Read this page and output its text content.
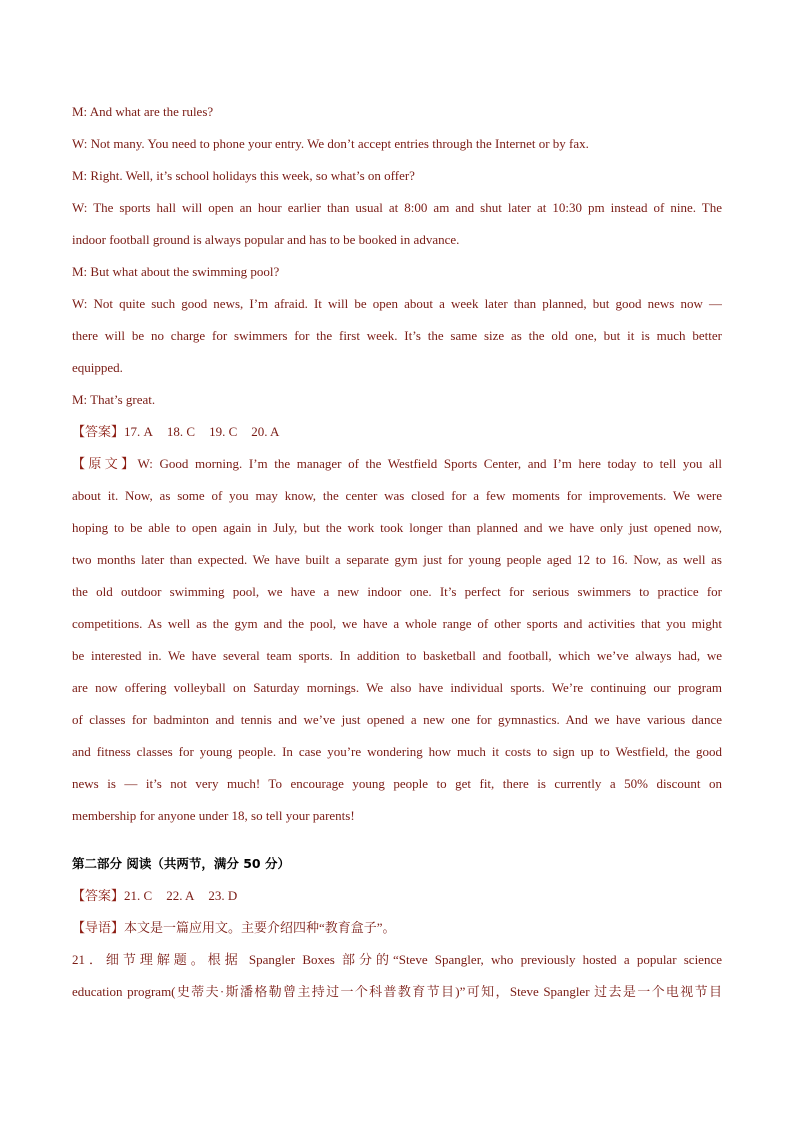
M: And what are the rules?
W: Not many. You need to phone your entry. We don’t accept entries through the Internet or by fax.
M: Right. Well, it’s school holidays this week, so what’s on offer?
W: The sports hall will open an hour earlier than usual at 8:00 am and shut later at 10:30 pm instead of nine. The
indoor football ground is always popular and has to be booked in advance.
M: But what about the swimming pool?
W: Not quite such good news, I’m afraid. It will be open about a week later than planned, but good news now —
there will be no charge for swimmers for the first week. It’s the same size as the old one, but it is much better
equipped.
M: That’s great.
【答案】17. A 18. C 19. C 20. A
【原文】W: Good morning. I’m the manager of the Westfield Sports Center, and I’m here today to tell you all
about it. Now, as some of you may know, the center was closed for a few moments for improvements. We were
hoping to be able to open again in July, but the work took longer than planned and we have only just opened now,
two months later than expected. We have built a separate gym just for young people aged 12 to 16. Now, as well as
the old outdoor swimming pool, we have a new indoor one. It’s perfect for serious swimmers to practice for
competitions. As well as the gym and the pool, we have a whole range of other sports and activities that you might
be interested in. We have several team sports. In addition to basketball and football, which we’ve always had, we
are now offering volleyball on Saturday mornings. We also have individual sports. We’re continuing our program
of classes for badminton and tennis and we’ve just opened a new one for gymnastics. And we have various dance
and fitness classes for young people. In case you’re wondering how much it costs to sign up to Westfield, the good
news is — it’s not very much! To encourage young people to get fit, there is currently a 50% discount on
membership for anyone under 18, so tell your parents!
第二部分 阅读（共两节，满分 50 分）
【答案】21. C 22. A 23. D
【导语】本文是一篇应用文。主要介绍四种“教育盒子”。
21．细节理解题。根据 Spangler Boxes 部分的“Steve Spangler, who previously hosted a popular science
education program(史蒂夫·斯潘格勒曾主持过一个科普教育节目)”可知，Steve Spangler 过去是一个电视节目
